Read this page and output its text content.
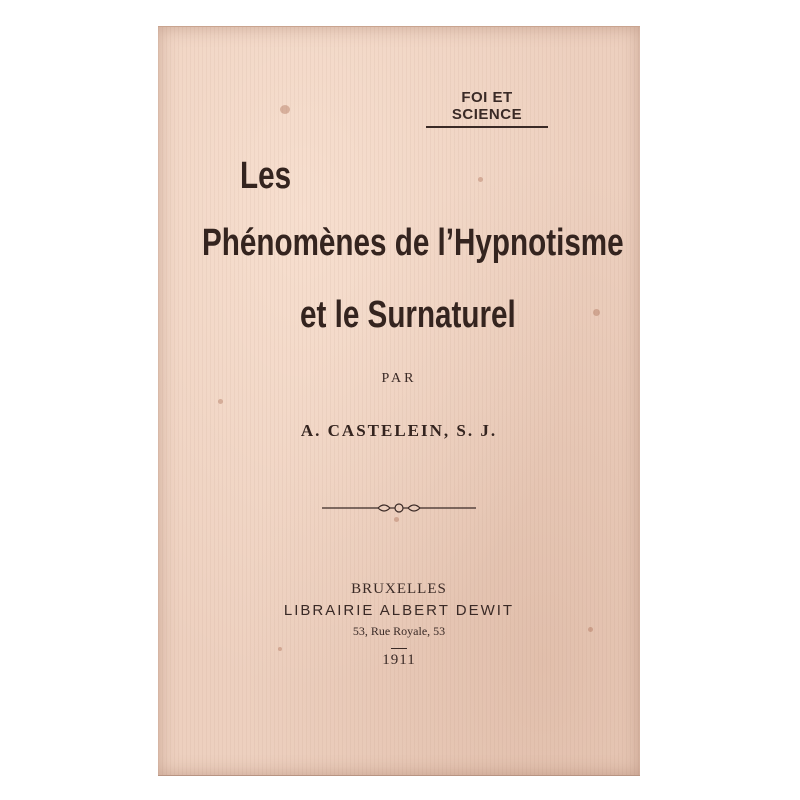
FOI ET SCIENCE
Les
Phénomènes de l’Hypnotisme
et le Surnaturel
PAR
A. CASTELEIN, S. J.
BRUXELLES
LIBRAIRIE ALBERT DEWIT
53, Rue Royale, 53
1911
